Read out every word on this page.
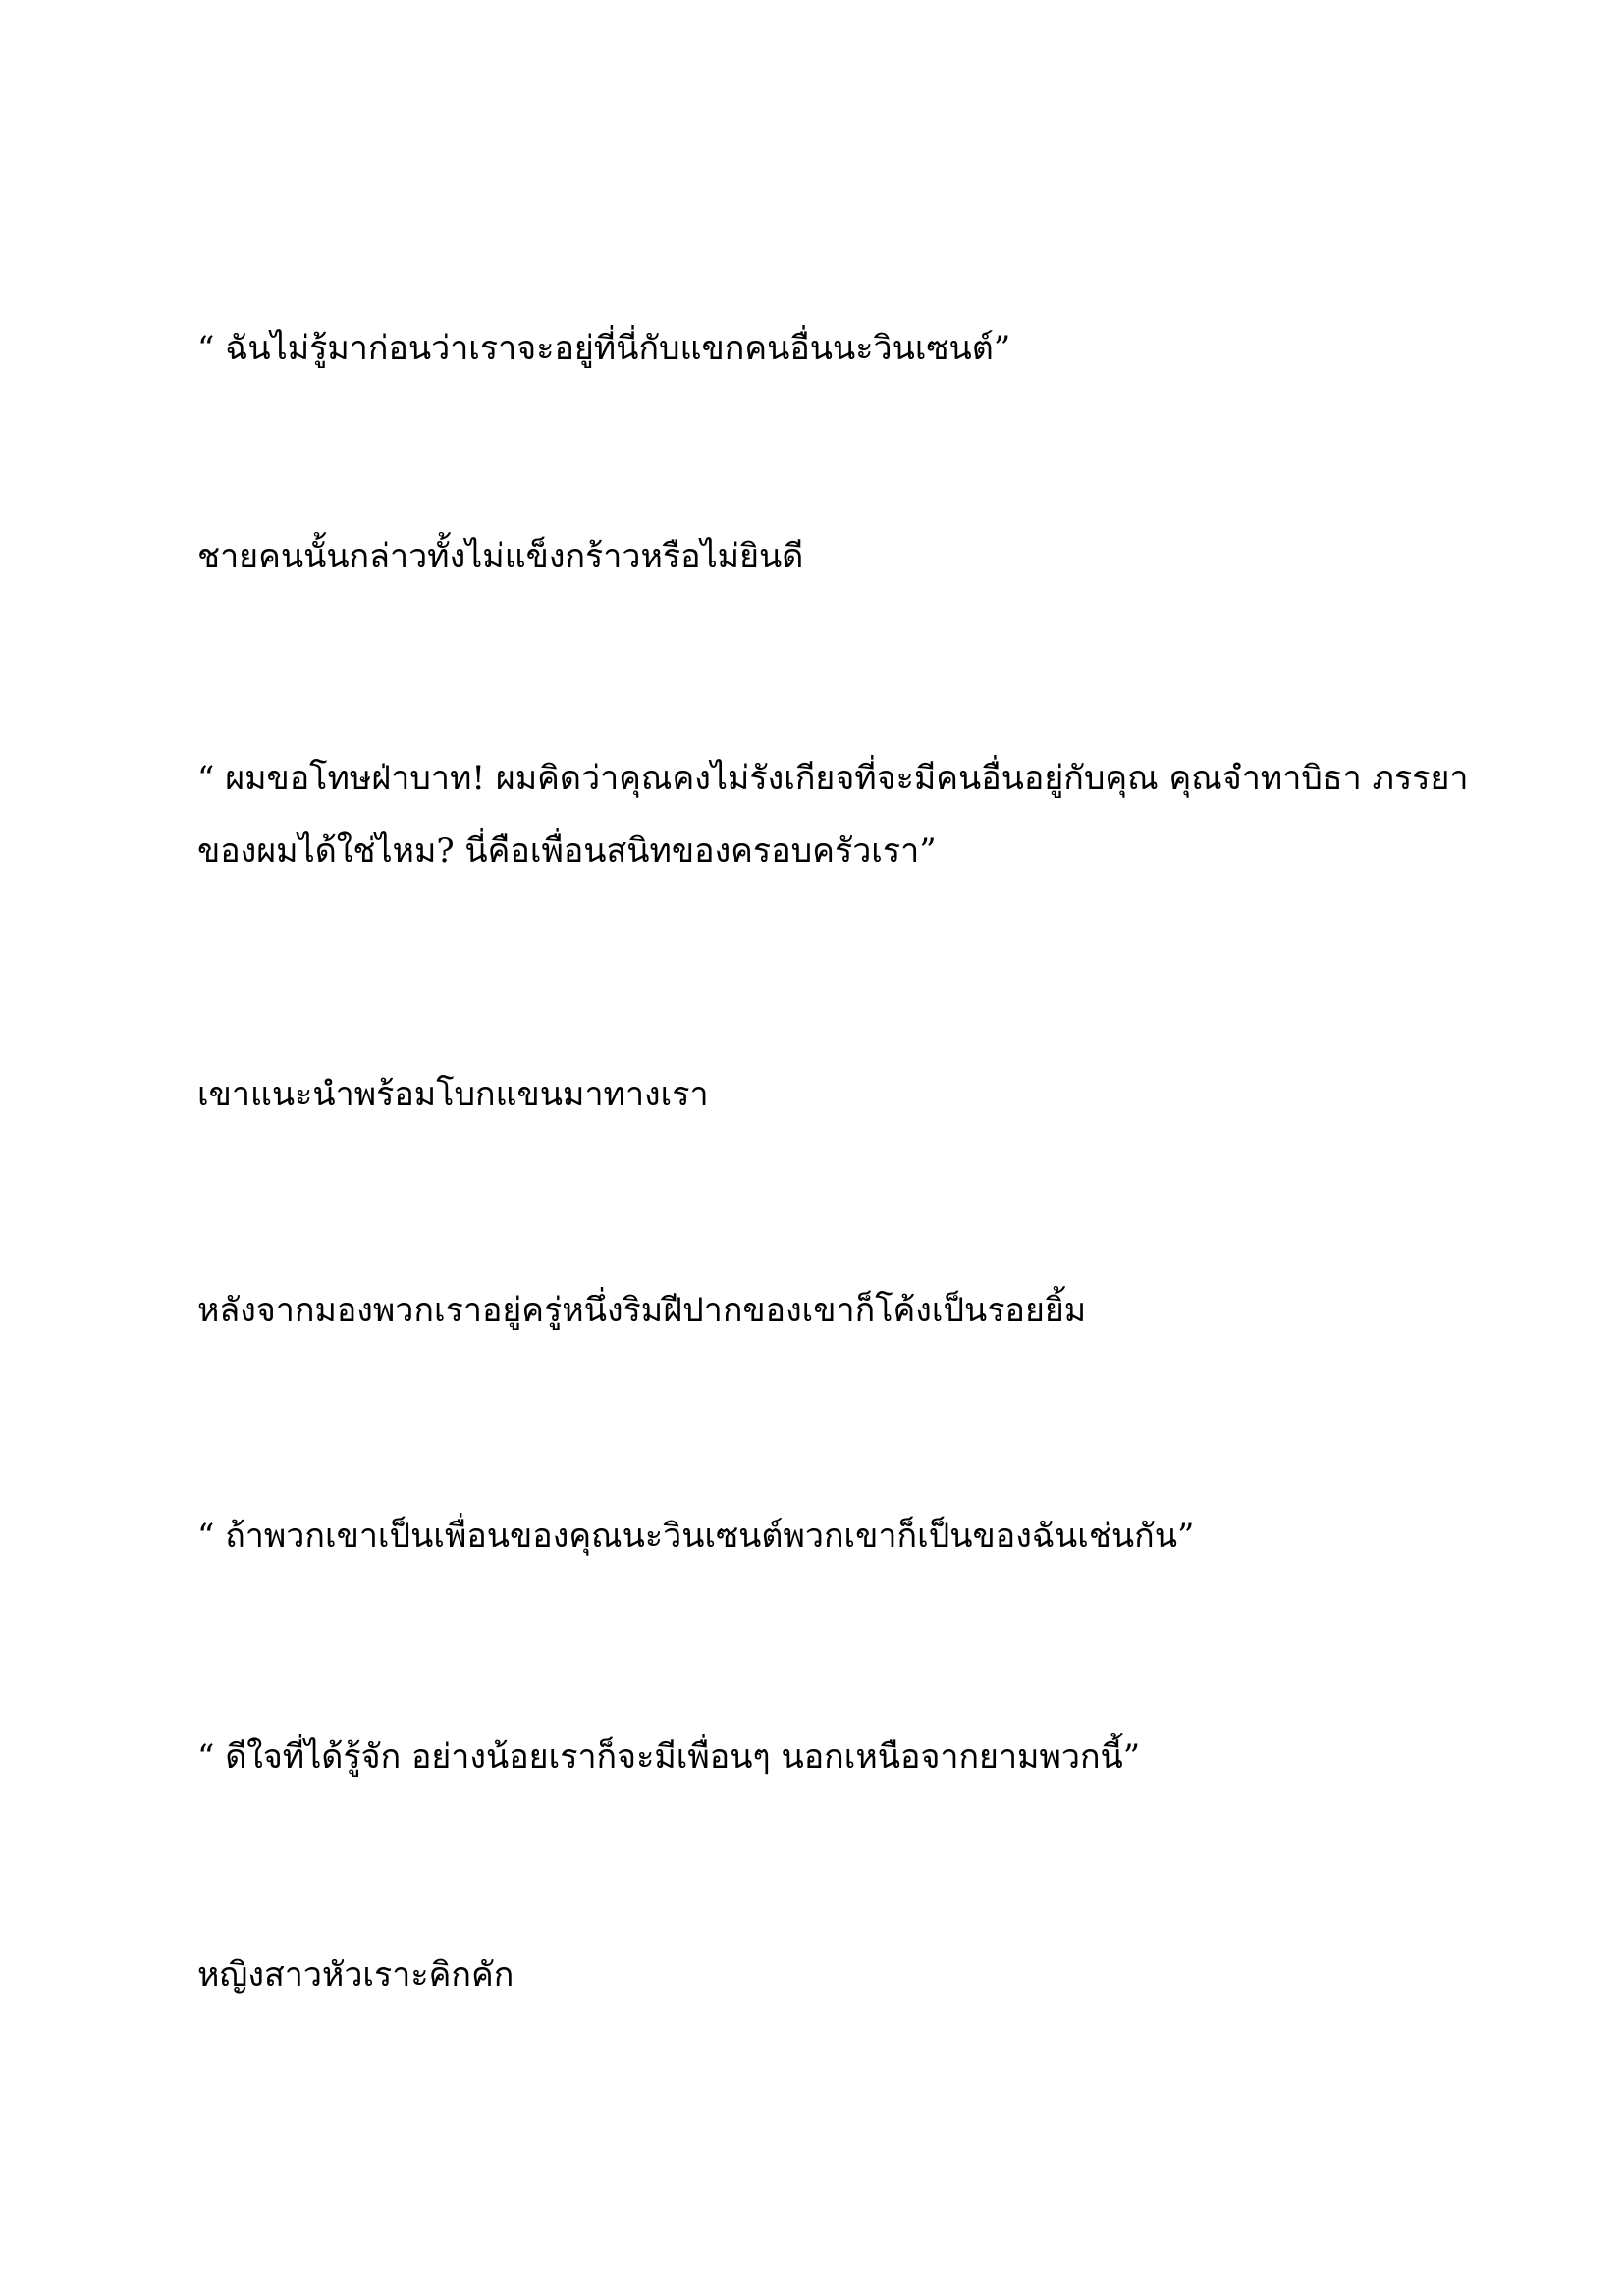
“ ฉันไม่รู้มาก่อนว่าเราจะอยู่ที่นี่กับแขกคนอื่นนะวินเซนต์”

ชายคนนั้นกล่าวทั้งไม่แข็งกร้าวหรือไม่ยินดี

“ ผมขอโทษฝ่าบาท! ผมคิดว่าคุณคงไม่รังเกียจที่จะมีคนอื่นอยู่กับคุณ คุณจำทาบิธา ภรรยาของผมได้ใช่ไหม? นี่คือเพื่อนสนิทของครอบครัวเรา”

เขาแนะนำพร้อมโบกแขนมาทางเรา

หลังจากมองพวกเราอยู่ครู่หนึ่งริมฝีปากของเขาก็โค้งเป็นรอยยิ้ม

“ ถ้าพวกเขาเป็นเพื่อนของคุณนะวินเซนต์พวกเขาก็เป็นของฉันเช่นกัน”

“ ดีใจที่ได้รู้จัก อย่างน้อยเราก็จะมีเพื่อนๆ นอกเหนือจากยามพวกนี้”

หญิงสาวหัวเราะคิกคัก
